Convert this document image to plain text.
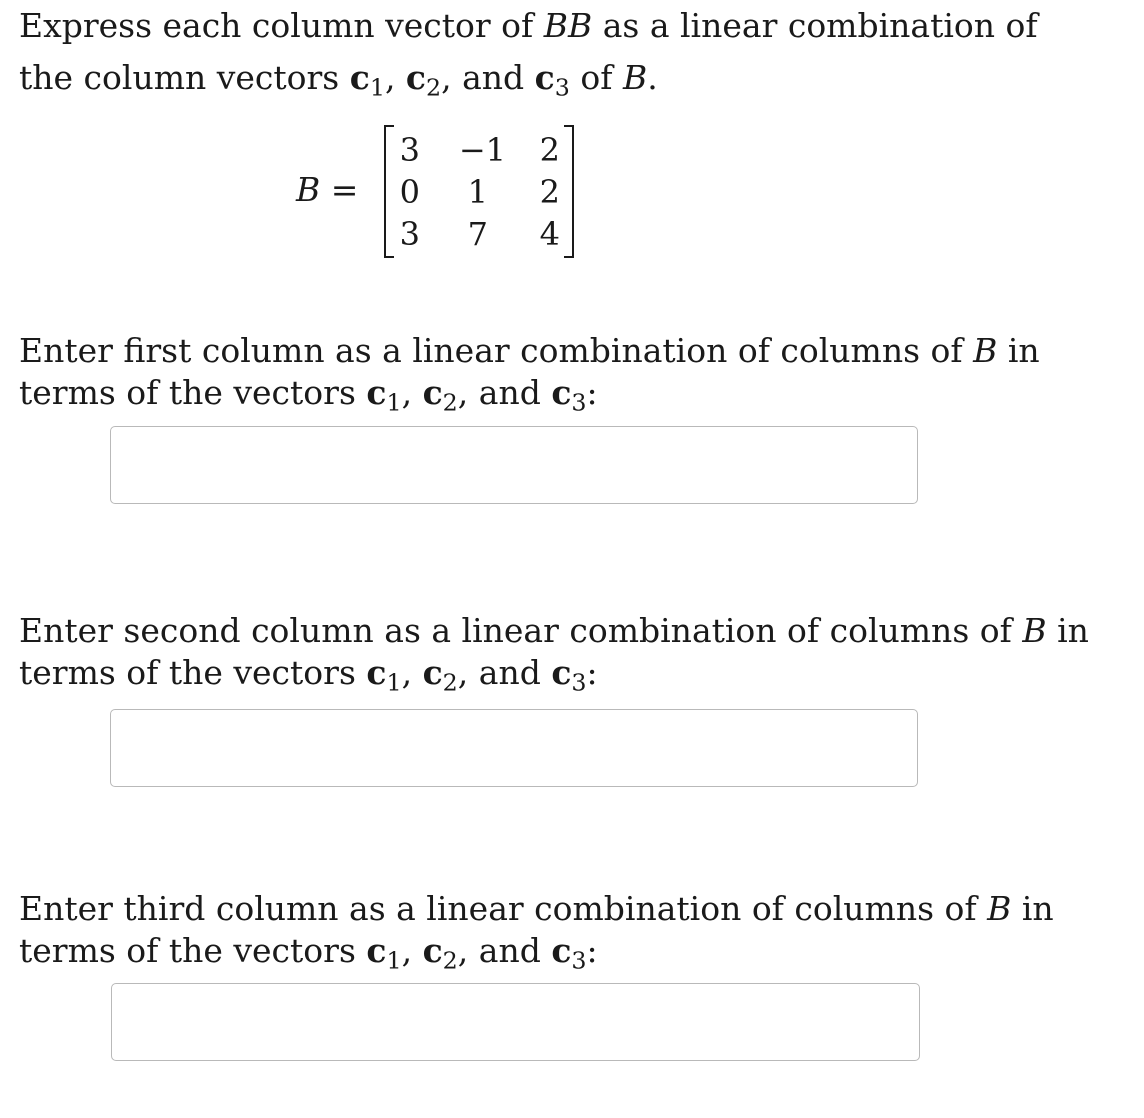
Express each column vector of BB as a linear combination of
the column vectors $c_1$, $c_2$, and $c_3$ of B.
B =
3 −1 2
0	1 2
3	7 4
Enter first column as a linear combination of columns of B in
terms of the vectors $c_1$, $c_2$, and $c_3$:
Enter second column as a linear combination of columns of B in
terms of the vectors $c_1$, $c_2$, and $c_3$:
Enter third column as a linear combination of columns of B in
terms of the vectors $c_1$, $c_2$, and $c_3$:
